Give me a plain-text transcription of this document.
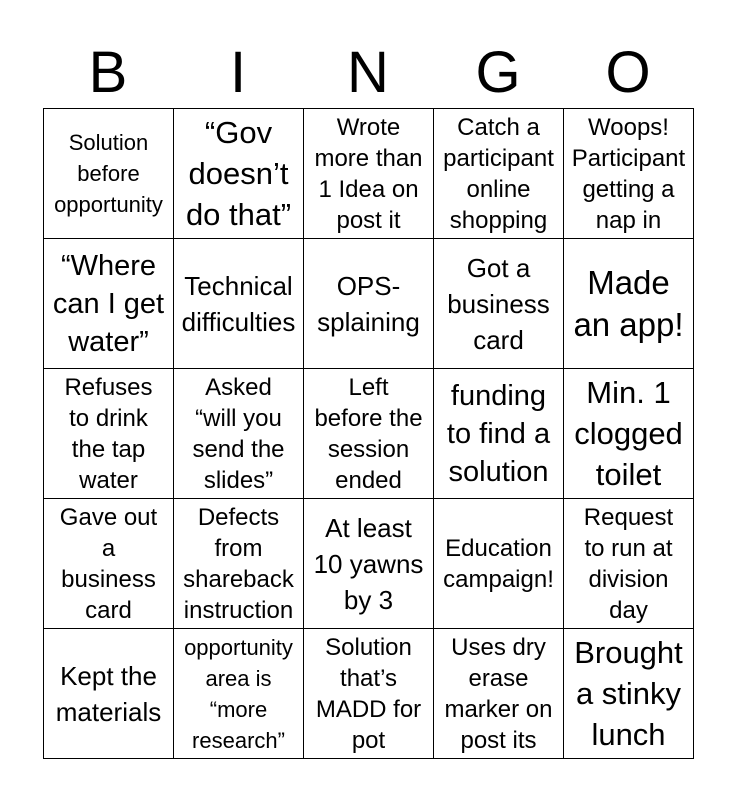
B	I	N	G	O
Solution
before
opportunity	“Gov
doesn’t
do that”	Wrote
more than
1 Idea on
post it	Catch a
participant
online
shopping	Woops!
Participant
getting a
nap in

“Where
can I get
water”	Technical
difficulties	OPS-
splaining	Got a
business
card	Made
an app!

Refuses
to drink
the tap
water	Asked
“will you
send the
slides”	Left
before the
session
ended	funding
to find a
solution	Min. 1
clogged
toilet

Gave out
a
business
card	Defects
from
shareback
instruction	At least
10 yawns
by 3	Education
campaign!	Request
to run at
division
day

Kept the
materials	opportunity
area is
“more
research”	Solution
that’s
MADD for
pot	Uses dry
erase
marker on
post its	Brought
a stinky
lunch
